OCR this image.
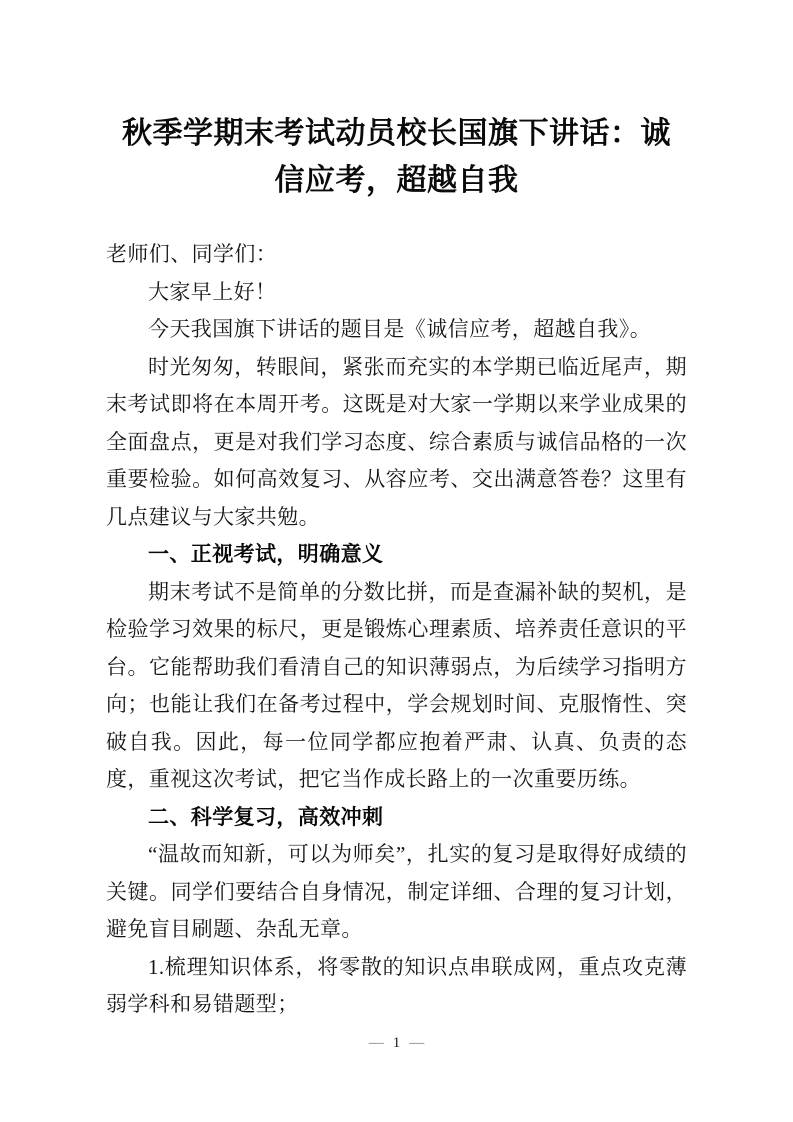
秋季学期末考试动员校长国旗下讲话：诚信应考，超越自我

老师们、同学们：

大家早上好！

今天我国旗下讲话的题目是《诚信应考，超越自我》。

时光匆匆，转眼间，紧张而充实的本学期已临近尾声，期末考试即将在本周开考。这既是对大家一学期以来学业成果的全面盘点，更是对我们学习态度、综合素质与诚信品格的一次重要检验。如何高效复习、从容应考、交出满意答卷？这里有几点建议与大家共勉。

一、正视考试，明确意义

期末考试不是简单的分数比拼，而是查漏补缺的契机，是检验学习效果的标尺，更是锻炼心理素质、培养责任意识的平台。它能帮助我们看清自己的知识薄弱点，为后续学习指明方向；也能让我们在备考过程中，学会规划时间、克服惰性、突破自我。因此，每一位同学都应抱着严肃、认真、负责的态度，重视这次考试，把它当作成长路上的一次重要历练。

二、科学复习，高效冲刺

“温故而知新，可以为师矣”，扎实的复习是取得好成绩的关键。同学们要结合自身情况，制定详细、合理的复习计划，避免盲目刷题、杂乱无章。

1.梳理知识体系，将零散的知识点串联成网，重点攻克薄弱学科和易错题型；

— 1 —
